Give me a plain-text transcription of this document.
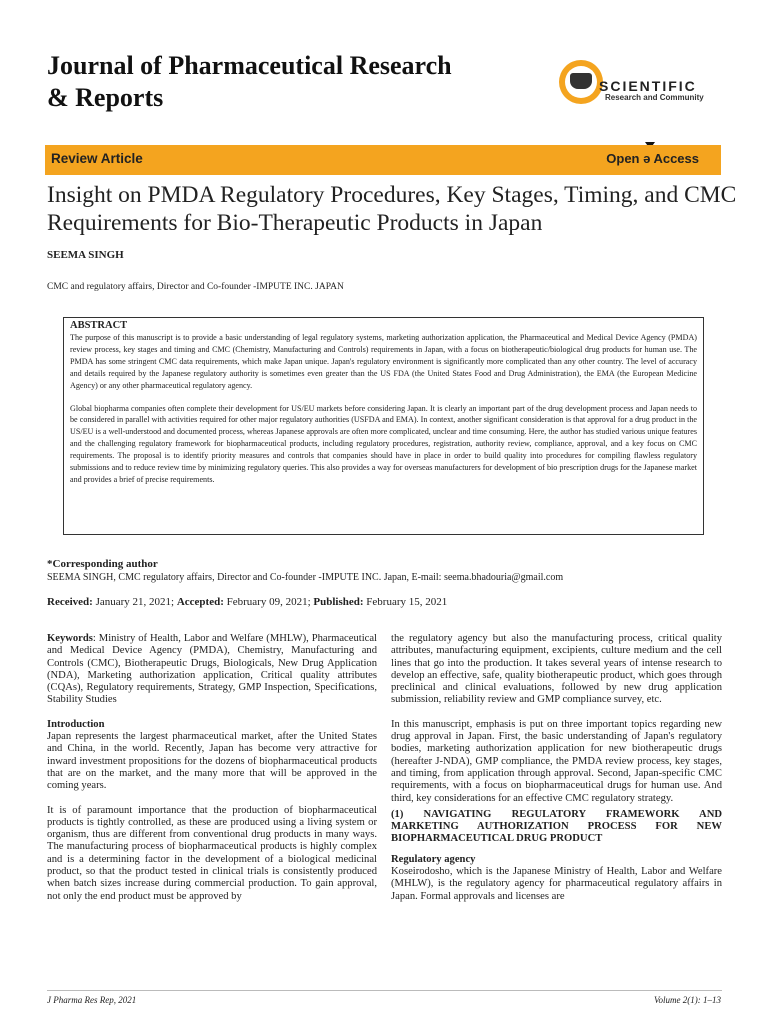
Journal of Pharmaceutical Research
& Reports	SCIENTIFIC
Research and Community
Review Article	Open ə Access
Insight on PMDA Regulatory Procedures, Key Stages, Timing, and CMC Requirements for Bio-Therapeutic Products in Japan
SEEMA SINGH
CMC and regulatory affairs, Director and Co-founder -IMPUTE INC. JAPAN
ABSTRACT

The purpose of this manuscript is to provide a basic understanding of legal regulatory systems, marketing authorization application, the Pharmaceutical and Medical Device Agency (PMDA) review process, key stages and timing and CMC (Chemistry, Manufacturing and Controls) requirements in Japan, with a focus on biotherapeutic/biological drug products for human use. The PMDA has some stringent CMC data requirements, which make Japan unique. Japan's regulatory environment is significantly more complicated than any other country. The level of accuracy and details required by the Japanese regulatory authority is sometimes even greater than the US FDA (the United States Food and Drug Administration), the EMA (the European Medicine Agency) or any other pharmaceutical regulatory agency.

Global biopharma companies often complete their development for US/EU markets before considering Japan. It is clearly an important part of the drug development process and Japan needs to be considered in parallel with activities required for other major regulatory authorities (USFDA and EMA). In context, another significant consideration is that approval for a drug product in the US/EU is a well-understood and documented process, whereas Japanese approvals are often more complicated, unclear and time consuming. Here, the author has studied various unique features and the challenging regulatory framework for biopharmaceutical products, including regulatory procedures, registration, authority review, compliance, approval, and a key focus on CMC requirements. The proposal is to identify priority measures and controls that companies should have in place in order to build quality into procedures for compiling flawless regulatory submissions and to reduce review time by minimizing regulatory queries. This also provides a way for overseas manufacturers for development of bio prescription drugs for the Japanese market and provides a brief of precise requirements.

*Corresponding author
SEEMA SINGH, CMC regulatory affairs, Director and Co-founder -IMPUTE INC. Japan, E-mail: seema.bhadouria@gmail.com
Received: January 21, 2021; Accepted: February 09, 2021; Published: February 15, 2021

Keywords: Ministry of Health, Labor and Welfare (MHLW), Pharmaceutical and Medical Device Agency (PMDA), Chemistry, Manufacturing and Controls (CMC), Biotherapeutic Drugs, Biologicals, New Drug Application (NDA), Marketing authorization application, Critical quality attributes (CQAs), Regulatory requirements, Strategy, GMP Inspection, Specifications, Stability Studies

Introduction

Japan represents the largest pharmaceutical market, after the United States and China, in the world. Recently, Japan has become very attractive for inward investment propositions for the dozens of biopharmaceutical products that are on the market, and the many more that will be approved in the coming years.

It is of paramount importance that the production of biopharmaceutical products is tightly controlled, as these are produced using a living system or organism, thus are different from conventional drug products in many ways. The manufacturing process of biopharmaceutical products is highly complex and is a determining factor in the development of a biological medicinal product, so that the product tested in clinical trials is consistently produced when batch sizes increase during commercial production. To gain approval, not only the end product must be approved by

the regulatory agency but also the manufacturing process, critical quality attributes, manufacturing equipment, excipients, culture medium and the cell lines that go into the production. It takes several years of intense research to develop an effective, safe, quality biotherapeutic product, which goes through preclinical and clinical evaluations, followed by new drug application submission, reliability review and GMP compliance survey, etc.

In this manuscript, emphasis is put on three important topics regarding new drug approval in Japan. First, the basic understanding of Japan's regulatory bodies, marketing authorization application for new biotherapeutic drugs (hereafter J-NDA), GMP compliance, the PMDA review process, key stages, and timing, from application through approval. Second, Japan-specific CMC requirements, with a focus on biopharmaceutical drugs for human use. And third, key considerations for an effective CMC regulatory strategy.

(1) NAVIGATING REGULATORY FRAMEWORK AND MARKETING AUTHORIZATION PROCESS FOR NEW BIOPHARMACEUTICAL DRUG PRODUCT

Regulatory agency

Koseirodosho, which is the Japanese Ministry of Health, Labor and Welfare (MHLW), is the regulatory agency for pharmaceutical regulatory affairs in Japan. Formal approvals and licenses are

J Pharma Res Rep, 2021	Volume 2(1): 1–13
